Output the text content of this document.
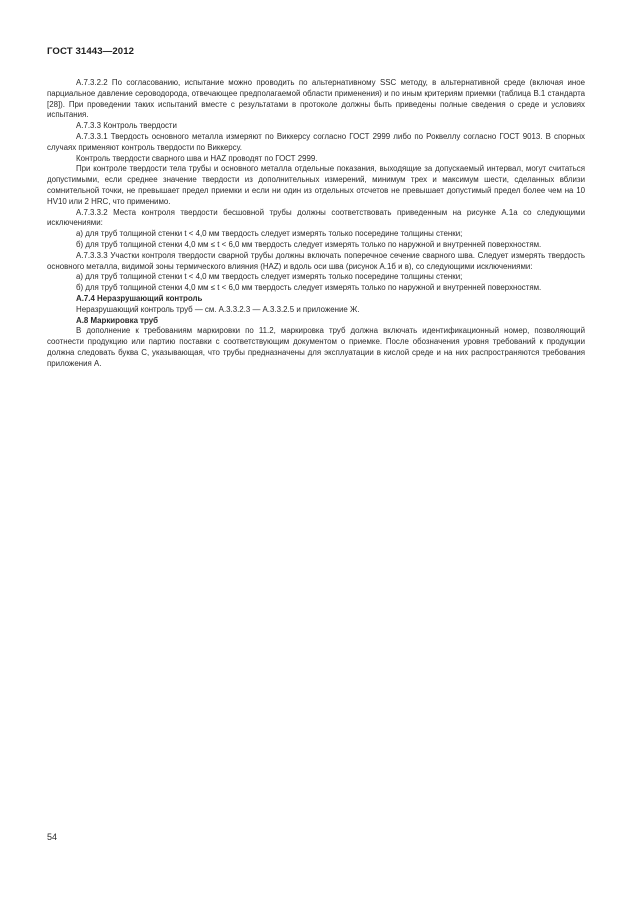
ГОСТ 31443—2012

А.7.3.2.2 По согласованию, испытание можно проводить по альтернативному SSC методу, в альтернативной среде (включая иное парциальное давление сероводорода, отвечающее предполагаемой области применения) и по иным критериям приемки (таблица В.1 стандарта [28]). При проведении таких испытаний вместе с результатами в протоколе должны быть приведены полные сведения о среде и условиях испытания.

А.7.3.3 Контроль твердости

А.7.3.3.1 Твердость основного металла измеряют по Виккерсу согласно ГОСТ 2999 либо по Роквеллу согласно ГОСТ 9013. В спорных случаях применяют контроль твердости по Виккерсу.

Контроль твердости сварного шва и HAZ проводят по ГОСТ 2999.

При контроле твердости тела трубы и основного металла отдельные показания, выходящие за допускаемый интервал, могут считаться допустимыми, если среднее значение твердости из дополнительных измерений, минимум трех и максимум шести, сделанных вблизи сомнительной точки, не превышает предел приемки и если ни один из отдельных отсчетов не превышает допустимый предел более чем на 10 HV10 или 2 HRC, что применимо.

А.7.3.3.2 Места контроля твердости бесшовной трубы должны соответствовать приведенным на рисунке А.1а со следующими исключениями:

а) для труб толщиной стенки t < 4,0 мм твердость следует измерять только посередине толщины стенки;

б) для труб толщиной стенки 4,0 мм ≤ t < 6,0 мм твердость следует измерять только по наружной и внутренней поверхностям.

А.7.3.3.3 Участки контроля твердости сварной трубы должны включать поперечное сечение сварного шва. Следует измерять твердость основного металла, видимой зоны термического влияния (HAZ) и вдоль оси шва (рисунок А.1б и в), со следующими исключениями:

а) для труб толщиной стенки t < 4,0 мм твердость следует измерять только посередине толщины стенки;

б) для труб толщиной стенки 4,0 мм ≤ t < 6,0 мм твердость следует измерять только по наружной и внутренней поверхностям.

А.7.4 Неразрушающий контроль

Неразрушающий контроль труб — см. А.3.3.2.3 — А.3.3.2.5 и приложение Ж.

А.8 Маркировка труб

В дополнение к требованиям маркировки по 11.2, маркировка труб должна включать идентификационный номер, позволяющий соотнести продукцию или партию поставки с соответствующим документом о приемке. После обозначения уровня требований к продукции должна следовать буква С, указывающая, что трубы предназначены для эксплуатации в кислой среде и на них распространяются требования приложения А.

54
